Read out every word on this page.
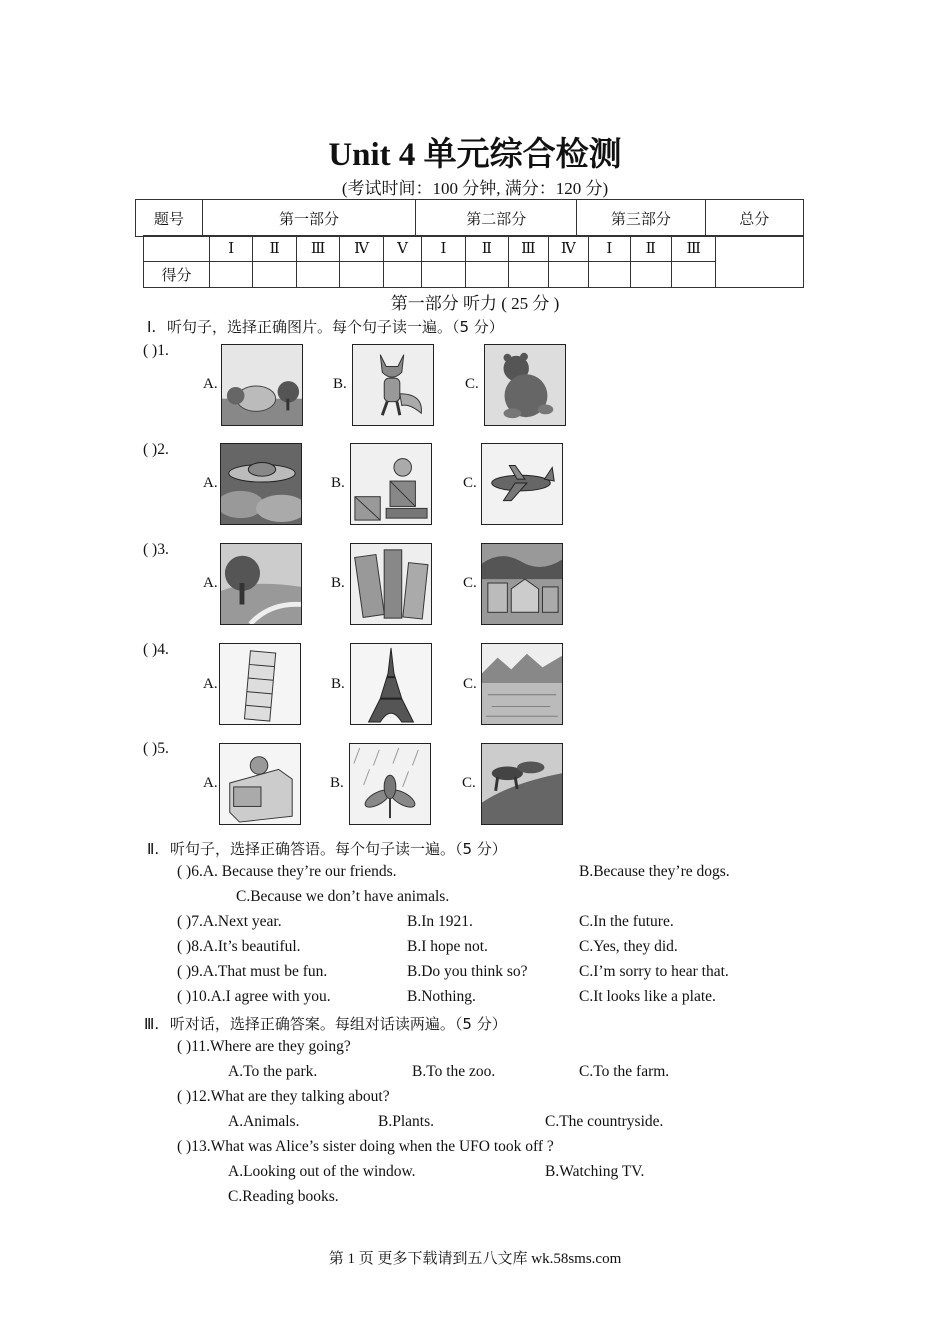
Unit 4 单元综合检测
(考试时间：100 分钟, 满分：120 分)
题号	第一部分	第二部分	第三部分	总分
	Ⅰ	Ⅱ	Ⅲ	Ⅳ	Ⅴ	Ⅰ	Ⅱ	Ⅲ	Ⅳ	Ⅰ	Ⅱ	Ⅲ	
得分													
第一部分 听力 ( 25 分 )
Ⅰ. 听句子，选择正确图片。每个句子读一遍。（5 分）
( )1.
( )2.
( )3.
( )4.
( )5.
A.	B.	C.
A.	B.	C.
A.	B.	C.
A.	B.	C.
A.	B.	C.
Ⅱ. 听句子，选择正确答语。每个句子读一遍。（5 分）
( )6.A. Because they’re our friends.	B.Because they’re dogs.
C.Because we don’t have animals.
( )7.A.Next year.	B.In 1921.	C.In the future.
( )8.A.It’s beautiful.	B.I hope not.	C.Yes, they did.
( )9.A.That must be fun.	B.Do you think so?	C.I’m sorry to hear that.
( )10.A.I agree with you.	B.Nothing.	C.It looks like a plate.
Ⅲ. 听对话，选择正确答案。每组对话读两遍。（5 分）
( )11.Where are they going?
A.To the park.	B.To the zoo.	C.To the farm.
( )12.What are they talking about?
A.Animals.	B.Plants.	C.The countryside.
( )13.What was Alice’s sister doing when the UFO took off ?
A.Looking out of the window.	B.Watching TV.
C.Reading books.
第 1 页 更多下载请到五八文库 wk.58sms.com
